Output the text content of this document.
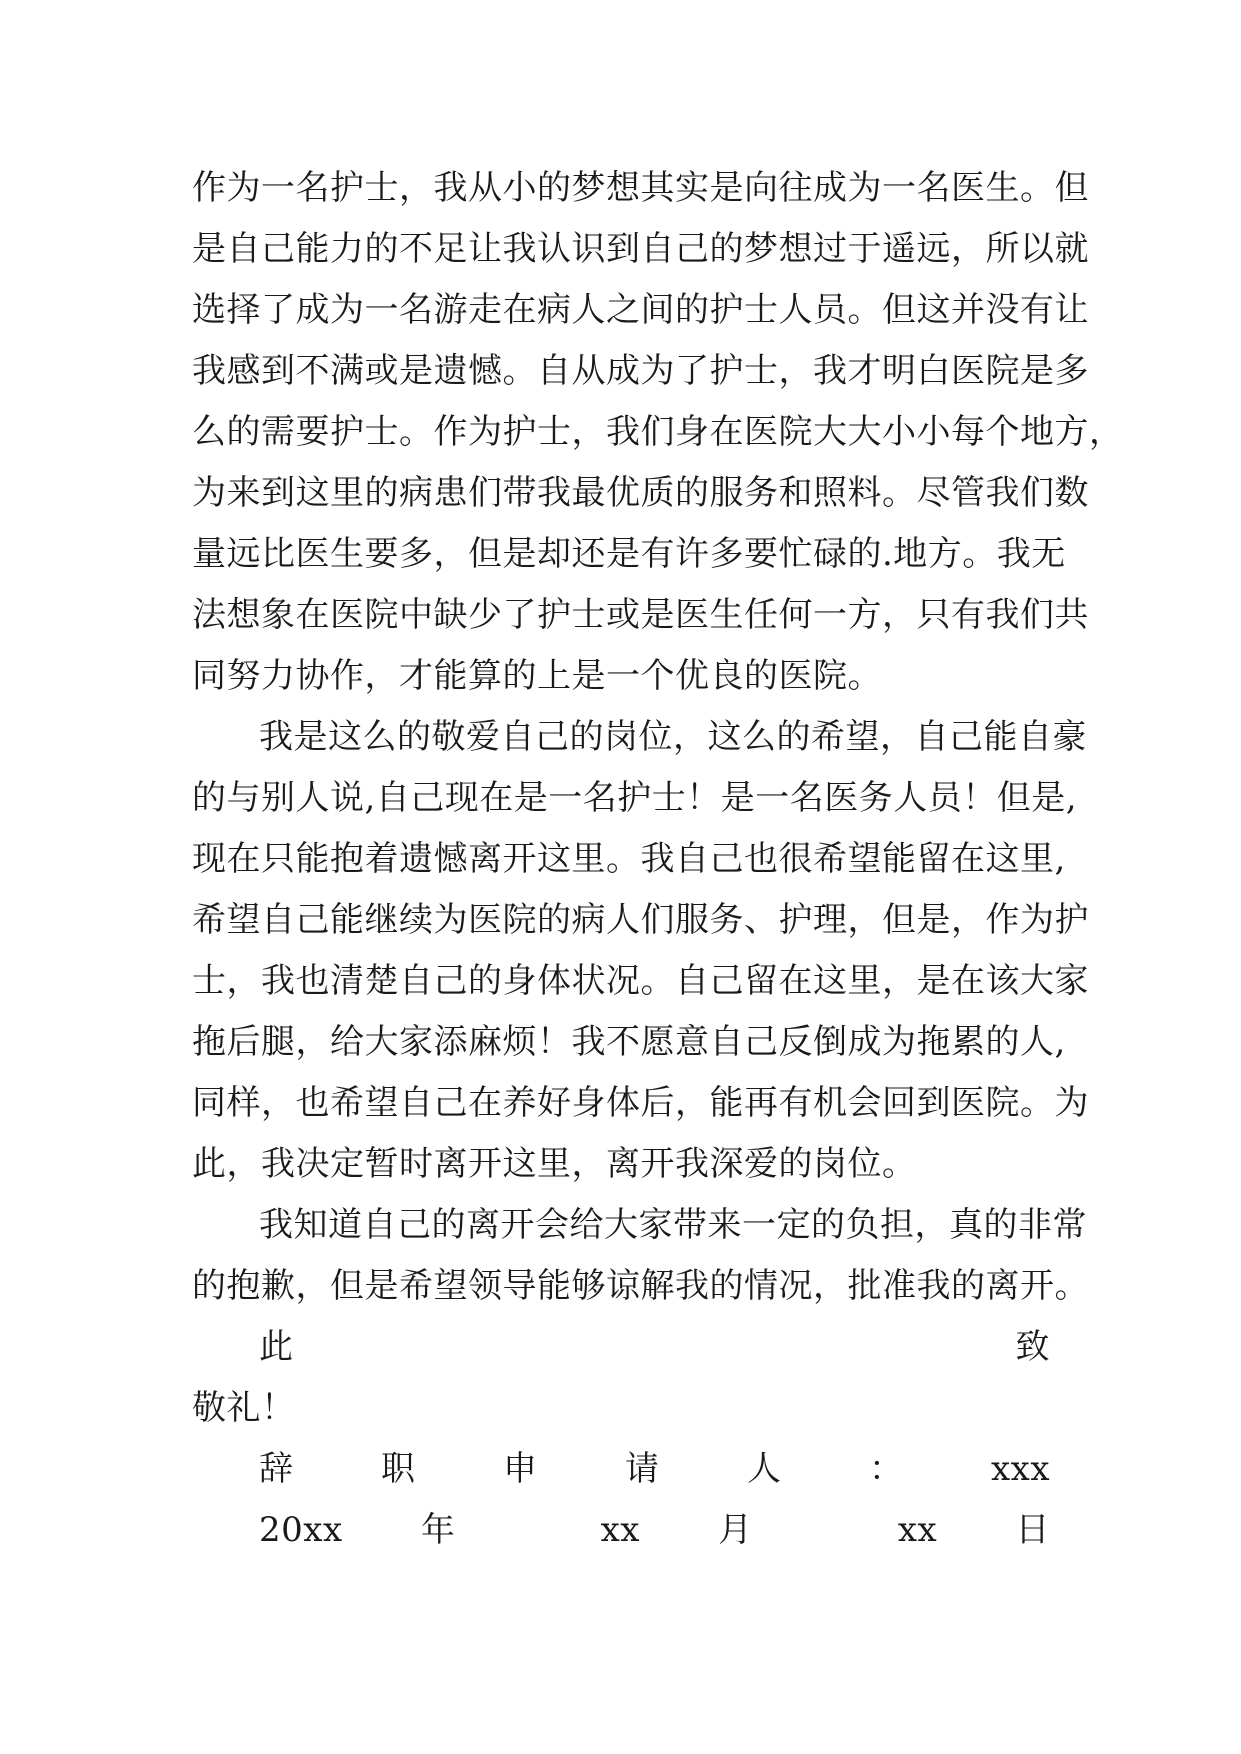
作为一名护士，我从小的梦想其实是向往成为一名医生。但
是自己能力的不足让我认识到自己的梦想过于遥远，所以就
选择了成为一名游走在病人之间的护士人员。但这并没有让
我感到不满或是遗憾。自从成为了护士，我才明白医院是多
么的需要护士。作为护士，我们身在医院大大小小每个地方，
为来到这里的病患们带我最优质的服务和照料。尽管我们数
量远比医生要多，但是却还是有许多要忙碌的.地方。我无
法想象在医院中缺少了护士或是医生任何一方，只有我们共
同努力协作，才能算的上是一个优良的医院。
我是这么的敬爱自己的岗位，这么的希望，自己能自豪
的与别人说,自己现在是一名护士！是一名医务人员！但是,
现在只能抱着遗憾离开这里。我自己也很希望能留在这里,
希望自己能继续为医院的病人们服务、护理，但是，作为护
士，我也清楚自己的身体状况。自己留在这里，是在该大家
拖后腿，给大家添麻烦！我不愿意自己反倒成为拖累的人,
同样，也希望自己在养好身体后，能再有机会回到医院。为
此，我决定暂时离开这里，离开我深爱的岗位。
我知道自己的离开会给大家带来一定的负担，真的非常
的抱歉，但是希望领导能够谅解我的情况，批准我的离开。
此致
敬礼！
辞职申请人：xxx
20xx 年 xx 月 xx 日
